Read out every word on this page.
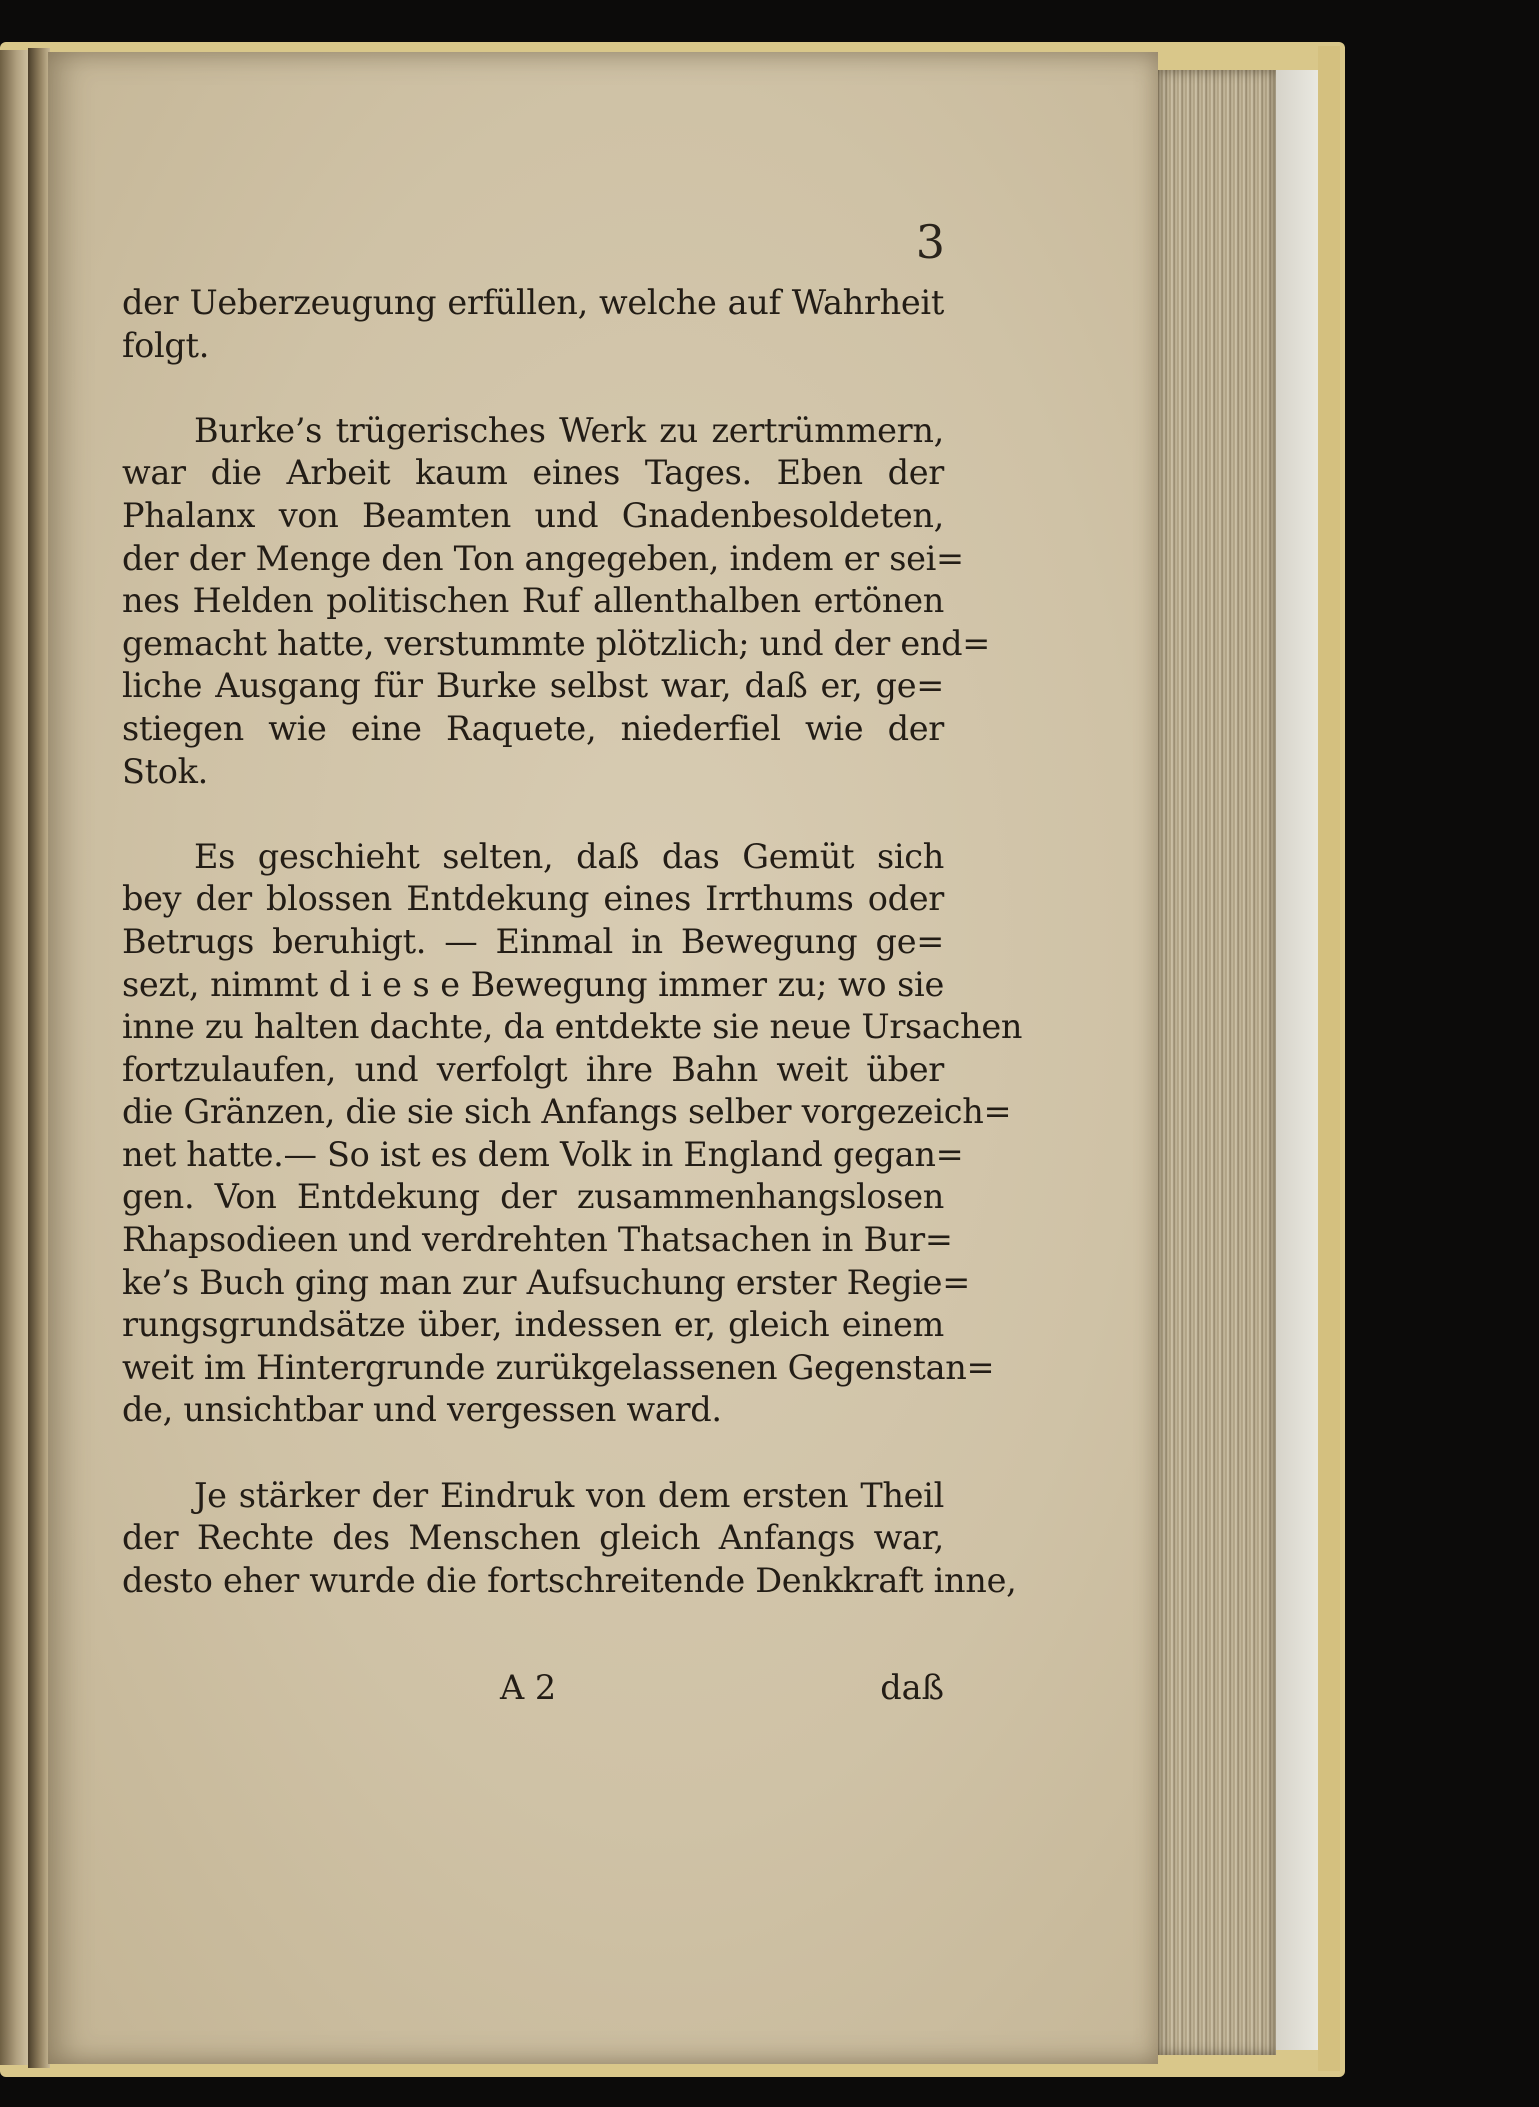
3
der Ueberzeugung erfüllen, welche auf Wahrheit
folgt.
Burke’s trügerisches Werk zu zertrümmern,
war die Arbeit kaum eines Tages. Eben der
Phalanx von Beamten und Gnadenbesoldeten,
der der Menge den Ton angegeben, indem er sei=
nes Helden politischen Ruf allenthalben ertönen
gemacht hatte, verstummte plötzlich; und der end=
liche Ausgang für Burke selbst war, daß er, ge=
stiegen wie eine Raquete, niederfiel wie der
Stok.
Es geschieht selten, daß das Gemüt sich
bey der blossen Entdekung eines Irrthums oder
Betrugs beruhigt. — Einmal in Bewegung ge=
sezt, nimmt d i e s e Bewegung immer zu; wo sie
inne zu halten dachte, da entdekte sie neue Ursachen
fortzulaufen, und verfolgt ihre Bahn weit über
die Gränzen, die sie sich Anfangs selber vorgezeich=
net hatte.— So ist es dem Volk in England gegan=
gen. Von Entdekung der zusammenhangslosen
Rhapsodieen und verdrehten Thatsachen in Bur=
ke’s Buch ging man zur Aufsuchung erster Regie=
rungsgrundsätze über, indessen er, gleich einem
weit im Hintergrunde zurükgelassenen Gegenstan=
de, unsichtbar und vergessen ward.
Je stärker der Eindruk von dem ersten Theil
der Rechte des Menschen gleich Anfangs war,
desto eher wurde die fortschreitende Denkkraft inne,
A 2	daß
